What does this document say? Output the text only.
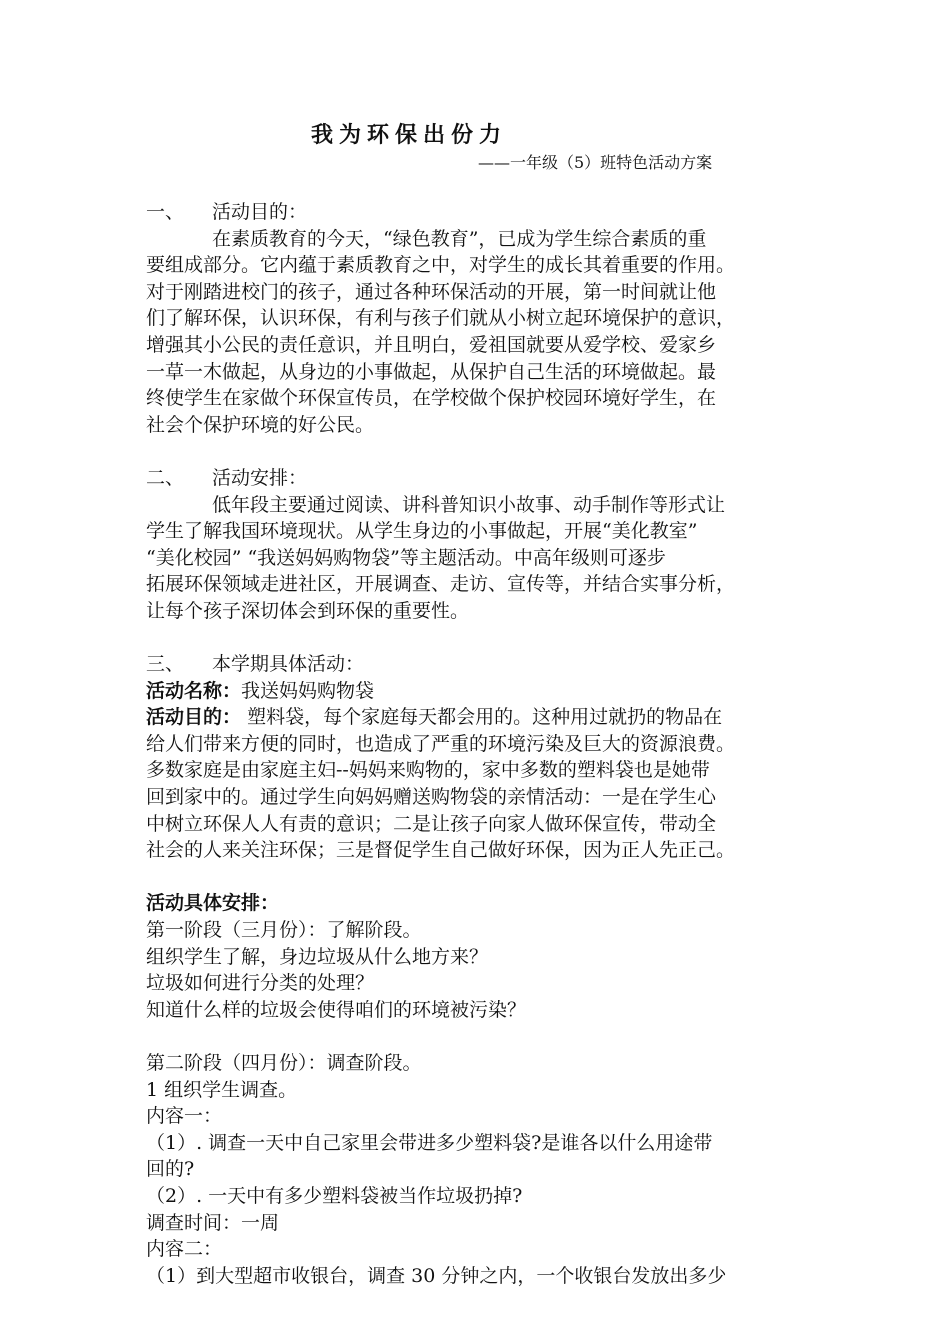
我为环保出份力
——一年级（5）班特色活动方案
一、 活动目的：
在素质教育的今天，“绿色教育”，已成为学生综合素质的重
要组成部分。它内蕴于素质教育之中，对学生的成长其着重要的作用。
对于刚踏进校门的孩子，通过各种环保活动的开展，第一时间就让他
们了解环保，认识环保，有利与孩子们就从小树立起环境保护的意识，
增强其小公民的责任意识，并且明白，爱祖国就要从爱学校、爱家乡
一草一木做起，从身边的小事做起，从保护自己生活的环境做起。最
终使学生在家做个环保宣传员，在学校做个保护校园环境好学生，在
社会个保护环境的好公民。
二、 活动安排：
低年段主要通过阅读、讲科普知识小故事、动手制作等形式让
学生了解我国环境现状。从学生身边的小事做起，开展“美化教室”
“美化校园” “我送妈妈购物袋”等主题活动。中高年级则可逐步
拓展环保领域走进社区，开展调查、走访、宣传等，并结合实事分析，
让每个孩子深切体会到环保的重要性。
三、 本学期具体活动：
活动名称：我送妈妈购物袋
活动目的： 塑料袋，每个家庭每天都会用的。这种用过就扔的物品在
给人们带来方便的同时，也造成了严重的环境污染及巨大的资源浪费。
多数家庭是由家庭主妇--妈妈来购物的，家中多数的塑料袋也是她带
回到家中的。通过学生向妈妈赠送购物袋的亲情活动：一是在学生心
中树立环保人人有责的意识；二是让孩子向家人做环保宣传，带动全
社会的人来关注环保；三是督促学生自己做好环保，因为正人先正己。
活动具体安排：
第一阶段（三月份）：了解阶段。
组织学生了解，身边垃圾从什么地方来？
垃圾如何进行分类的处理？
知道什么样的垃圾会使得咱们的环境被污染？
第二阶段（四月份）：调查阶段。
1 组织学生调查。
内容一：
（1）. 调查一天中自己家里会带进多少塑料袋?是谁各以什么用途带
回的?
（2）. 一天中有多少塑料袋被当作垃圾扔掉?
调查时间：一周
内容二：
（1）到大型超市收银台，调查 30 分钟之内，一个收银台发放出多少
